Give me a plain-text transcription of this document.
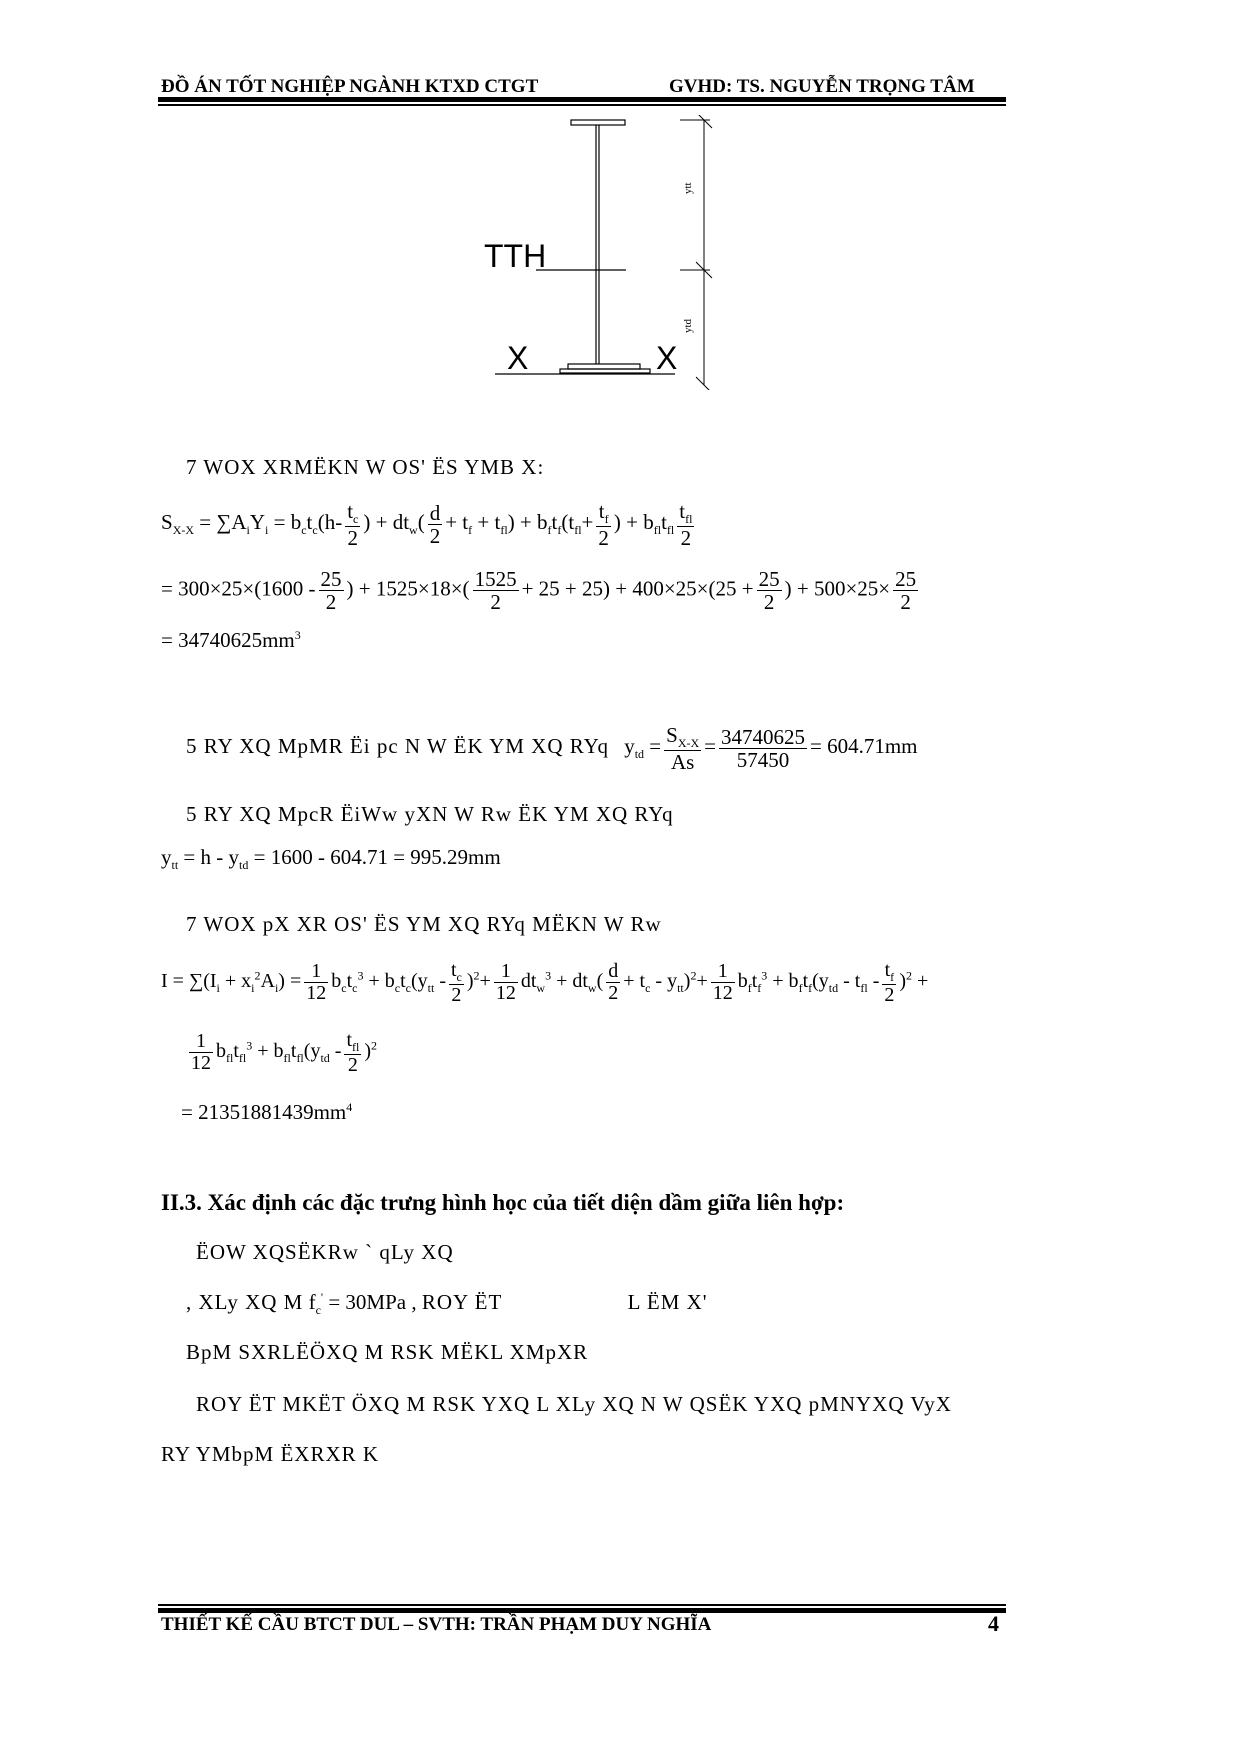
ĐỒ ÁN TỐT NGHIỆP NGÀNH KTXD CTGT	GVHD: TS. NGUYỄN TRỌNG TÂM
TTH
X	X
ytt
ytd
7 WOX XRMËKN W OS' ËS YMB X:
$S_{X-X} = \sum A_iY_i = b_ct_c(h- \frac{t_c}{2}$ ) + $dt_w( \frac{d}{2} + t_f + t_{fl}) + b_ft_f(t_{fl}+ \frac{t_f}{2}$ ) + $b_{fl}t_{fl} \frac{t_{fl}}{2}$
= $300\times 25\times(1600 - \frac{25}{2}$ ) + $1525\times 18\times( \frac{1525}{2} + 25 + 25) + 400\times 25\times(25 + \frac{25}{2}$ ) + $500\times 25\times \frac{25}{2}$
= $34740625mm^3$
5 RY XQ MpMR Ëi pc N W ËK YM XQ RYq $y_{td} = \frac{S_{X-X}}{As} = \frac{34740625}{57450} = 604.71mm$
5 RY XQ MpcR ËiWw yXN W Rw ËK YM XQ RYq
$y_{tt} = h - y_{td} = 1600 - 604.71 = 995.29mm$
7 WOX pX XR OS' ËS YM XQ RYq MËKN W Rw
$I = \sum(I_i + x_i^2A_i) = \frac{1}{12} b_ct_c^3 + b_ct_c(y_{tt} - \frac{t_c}{2} )^2+ \frac{1}{12} dt_w^3 + dt_w( \frac{d}{2} + t_c - y_{tt})^2+ \frac{1}{12} b_ft_f^3 + b_ft_f(y_{td} - t_{fl} - \frac{t_f}{2} )^2$ +
$\frac{1}{12} b_{fl}t_{fl}^3 + b_{fl}t_{fl}(y_{td} - \frac{t_{fl}}{2} )^2$
= $21351881439mm^4$
II.3. Xác định các đặc trưng hình học của tiết diện dầm giữa liên hợp:
ËOW XQSËKRw ` qLy XQ
, XLy XQ M $f_c' = 30MPa$ , ROY ËT	L ËM X'
BpM SXRLËÖXQ M RSK MËKL XMpXR
ROY ËT MKËT ÖXQ M RSK YXQ L XLy XQ N W QSËK YXQ pMNYXQ VyX
RY YMbpM ËXRXR K
THIẾT KẾ CẦU BTCT DUL – SVTH: TRẦN PHẠM DUY NGHĨA	4
